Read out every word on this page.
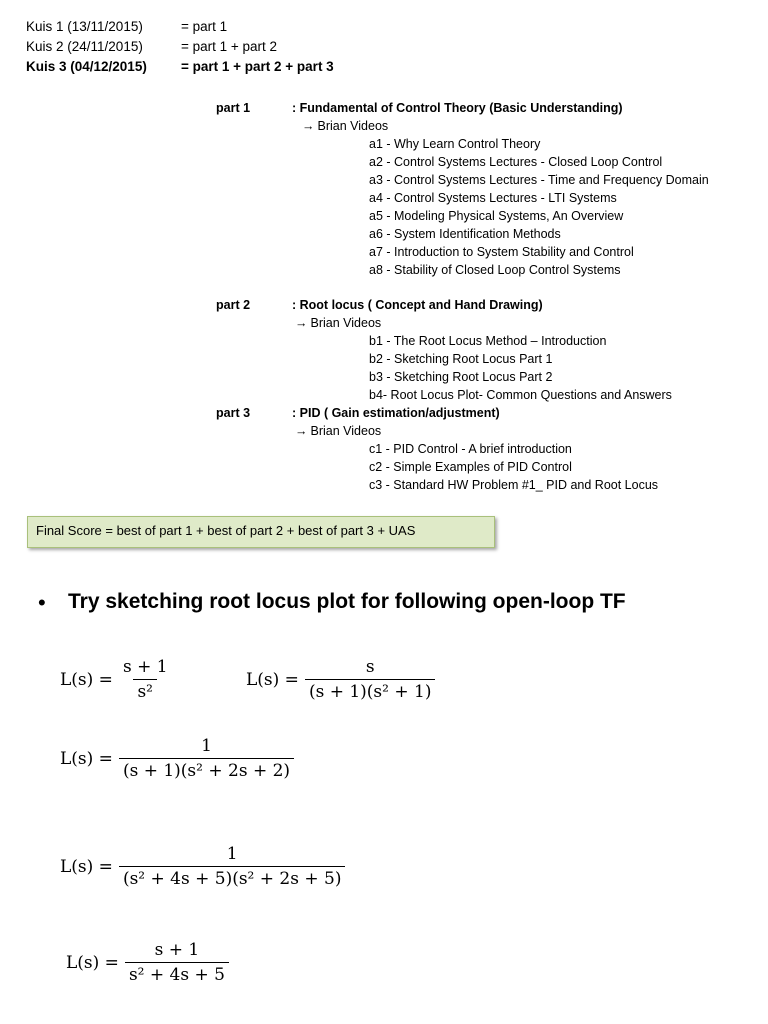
Kuis 1 (13/11/2015)	= part 1
Kuis 2 (24/11/2015)	= part 1 + part 2
Kuis 3 (04/12/2015)	= part 1 + part 2 + part 3
part 1	: Fundamental of Control Theory (Basic Understanding)
→ Brian Videos
a1 - Why Learn Control Theory
a2 - Control Systems Lectures - Closed Loop Control
a3 - Control Systems Lectures - Time and Frequency Domain
a4 - Control Systems Lectures - LTI Systems
a5 - Modeling Physical Systems, An Overview
a6 - System Identification Methods
a7 - Introduction to System Stability and Control
a8 - Stability of Closed Loop Control Systems
part 2	: Root locus ( Concept and Hand Drawing)
→ Brian Videos
b1 - The Root Locus Method – Introduction
b2 - Sketching Root Locus Part 1
b3 - Sketching Root Locus Part 2
b4- Root Locus Plot- Common Questions and Answers
part 3	: PID ( Gain estimation/adjustment)
→ Brian Videos
c1 - PID Control - A brief introduction
c2 - Simple Examples of PID Control
c3 - Standard HW Problem #1_ PID and Root Locus
Final Score = best of part 1 + best of part 2 + best of part 3 + UAS
• Try sketching root locus plot for following open-loop TF
$L(s) = \frac{s + 1}{\text{s²}}$	$L(s) = \frac{s}{\text{(s + 1)(s² + 1)}}$
$L(s) = \frac{1}{\text{(s + 1)(s² + 2s + 2)}}$
$L(s) = \frac{1}{\text{(s² + 4s + 5)(s² + 2s + 5)}}$
$L(s) = \frac{s + 1}{\text{s² + 4s + 5}}$
